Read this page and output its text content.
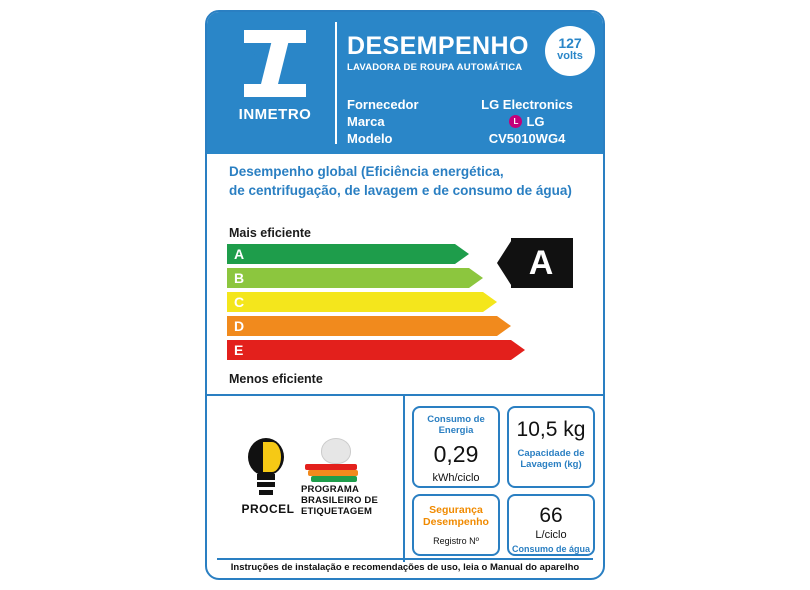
INMETRO
DESEMPENHO
LAVADORA DE ROUPA AUTOMÁTICA
127
volts
Fornecedor
Marca
Modelo
LG Electronics
L LG
CV5010WG4
Desempenho global (Eficiência energética,
de centrifugação, de lavagem e de consumo de água)
Mais eficiente
A
B
C
D
E
A
Menos eficiente
PROCEL
PROGRAMA
BRASILEIRO DE
ETIQUETAGEM
Consumo de
Energia
0,29
kWh/ciclo
10,5 kg
Capacidade de
Lavagem (kg)
Segurança
Desempenho
Registro Nº
66
L/ciclo
Consumo de água
Instruções de instalação e recomendações de uso, leia o Manual do aparelho
